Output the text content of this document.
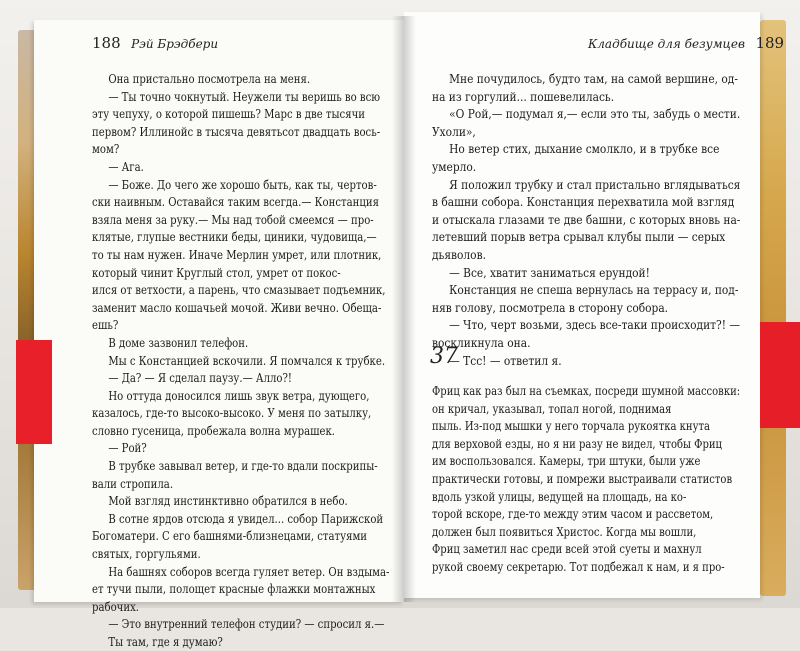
188 Рэй Брэдбери	Кладбище для безумцев 189
Она пристально посмотрела на меня.
— Ты точно чокнутый. Неужели ты веришь во всю
эту чепуху, о которой пишешь? Марс в две тысячи
первом? Иллинойс в тысяча девятьсот двадцать вось-
мом?
— Ага.
— Боже. До чего же хорошо быть, как ты, чертов-
ски наивным. Оставайся таким всегда.— Констанция
взяла меня за руку.— Мы над тобой смеемся — про-
клятые, глупые вестники беды, циники, чудовища,—
то ты нам нужен. Иначе Мерлин умрет, или плотник,
который чинит Круглый стол, умрет от покос-
ился от ветхости, а парень, что смазывает подъемник,
заменит масло кошачьей мочой. Живи вечно. Обеща-
ешь?
В доме зазвонил телефон.
Мы с Констанцией вскочили. Я помчался к трубке.
— Да? — Я сделал паузу.— Алло?!
Но оттуда доносился лишь звук ветра, дующего,
казалось, где-то высоко-высоко. У меня по затылку,
словно гусеница, пробежала волна мурашек.
— Рой?
В трубке завывал ветер, и где-то вдали поскрипы-
вали стропила.
Мой взгляд инстинктивно обратился в небо.
В сотне ярдов отсюда я увидел... собор Парижской
Богоматери. С его башнями-близнецами, статуями
святых, горгульями.
На башнях соборов всегда гуляет ветер. Он вздыма-
ет тучи пыли, полощет красные флажки монтажных
рабочих.
— Это внутренний телефон студии? — спросил я.—
Ты там, где я думаю?
Мне почудилось, будто там, на самой вершине, од-
на из горгулий... пошевелилась.
«О Рой,— подумал я,— если это ты, забудь о мести.
Ухоли»,
Но ветер стих, дыхание смолкло, и в трубке все
умерло.
Я положил трубку и стал пристально вглядываться
в башни собора. Констанция перехватила мой взгляд
и отыскала глазами те две башни, с которых вновь на-
летевший порыв ветра срывал клубы пыли — серых
дьяволов.
— Все, хватит заниматься ерундой!
Констанция не спеша вернулась на террасу и, под-
няв голову, посмотрела в сторону собора.
— Что, черт возьми, здесь все-таки происходит?! —
воскликнула она.
— Тсс! — ответил я.
37
Фриц как раз был на съемках, посреди шумной массовки:
он кричал, указывал, топал ногой, поднимая
пыль. Из-под мышки у него торчала рукоятка кнута
для верховой езды, но я ни разу не видел, чтобы Фриц
им воспользовался. Камеры, три штуки, были уже
практически готовы, и помрежи выстраивали статистов
вдоль узкой улицы, ведущей на площадь, на ко-
торой вскоре, где-то между этим часом и рассветом,
должен был появиться Христос. Когда мы вошли,
Фриц заметил нас среди всей этой суеты и махнул
рукой своему секретарю. Тот подбежал к нам, и я про-
